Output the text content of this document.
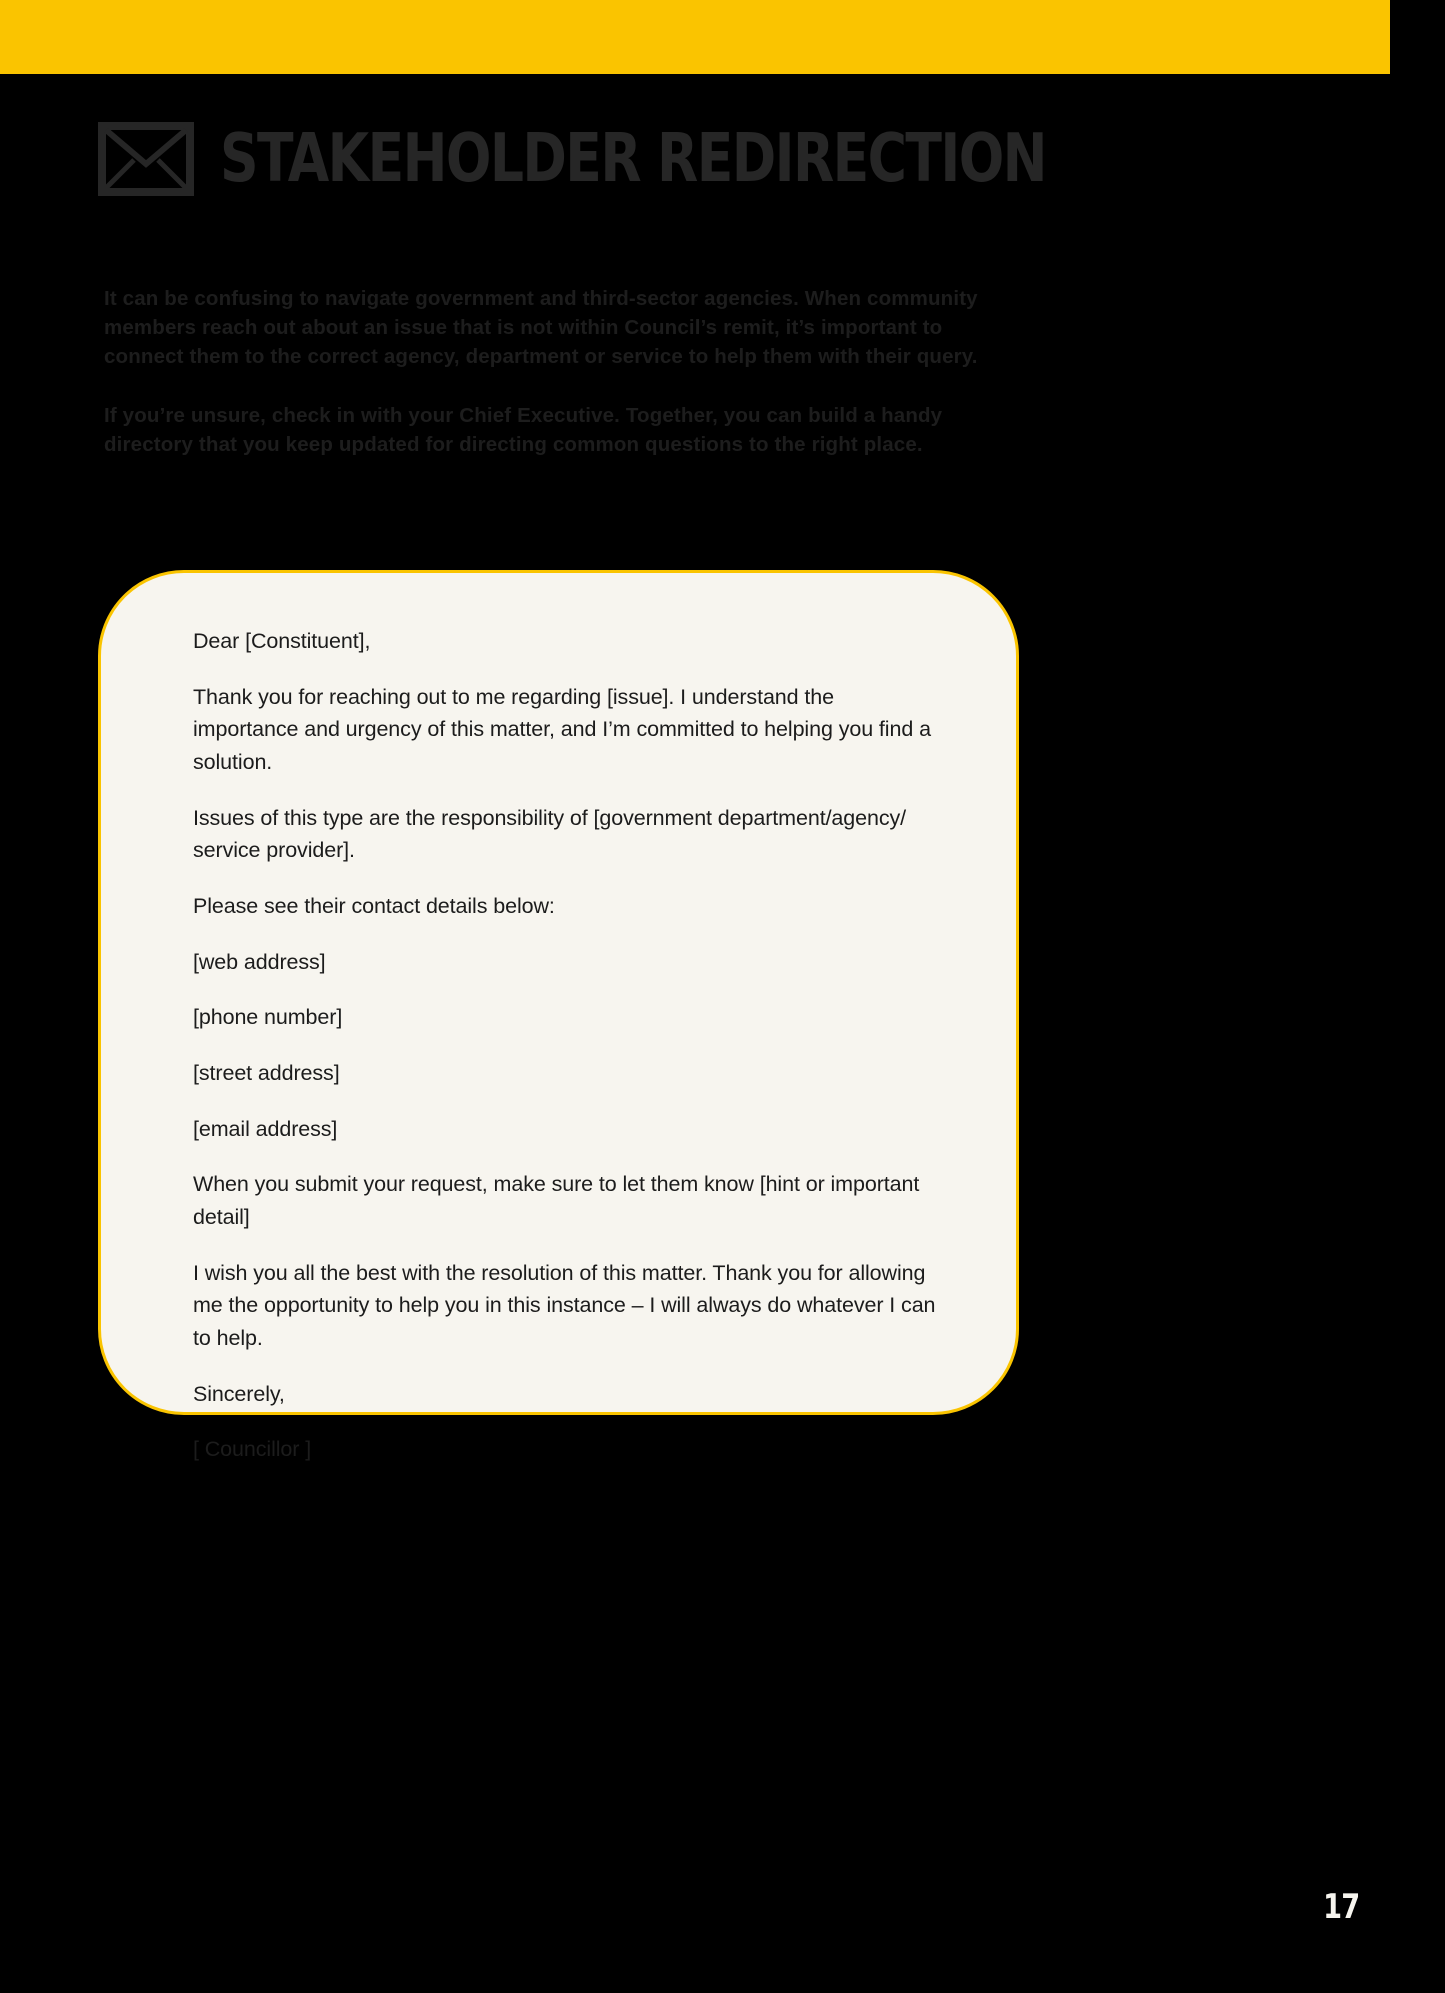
STAKEHOLDER REDIRECTION

It can be confusing to navigate government and third-sector agencies. When community members reach out about an issue that is not within Council’s remit, it’s important to connect them to the correct agency, department or service to help them with their query.

If you’re unsure, check in with your Chief Executive. Together, you can build a handy directory that you keep updated for directing common questions to the right place.

Dear [Constituent],

Thank you for reaching out to me regarding [issue]. I understand the importance and urgency of this matter, and I’m committed to helping you find a solution.

Issues of this type are the responsibility of [government department/agency/ service provider].

Please see their contact details below:

[web address]

[phone number]

[street address]

[email address]

When you submit your request, make sure to let them know [hint or important detail]

I wish you all the best with the resolution of this matter. Thank you for allowing me the opportunity to help you in this instance – I will always do whatever I can to help.

Sincerely,

[ Councillor ]

17
